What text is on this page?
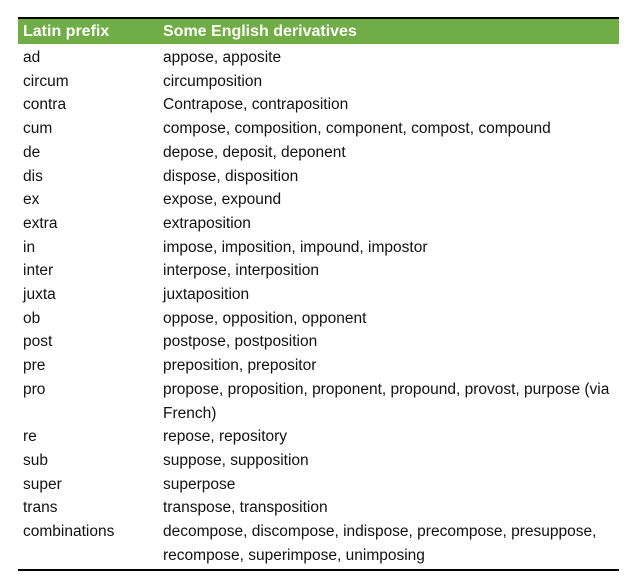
Latin prefix	Some English derivatives
ad	appose, apposite
circum	circumposition
contra	Contrapose, contraposition
cum	compose, composition, component, compost, compound
de	depose, deposit, deponent
dis	dispose, disposition
ex	expose, expound
extra	extraposition
in	impose, imposition, impound, impostor
inter	interpose, interposition
juxta	juxtaposition
ob	oppose, opposition, opponent
post	postpose, postposition
pre	preposition, prepositor
pro	propose, proposition, proponent, propound, provost, purpose (via French)
re	repose, repository
sub	suppose, supposition
super	superpose
trans	transpose, transposition
combinations	decompose, discompose, indispose, precompose, presuppose, recompose, superimpose, unimposing
